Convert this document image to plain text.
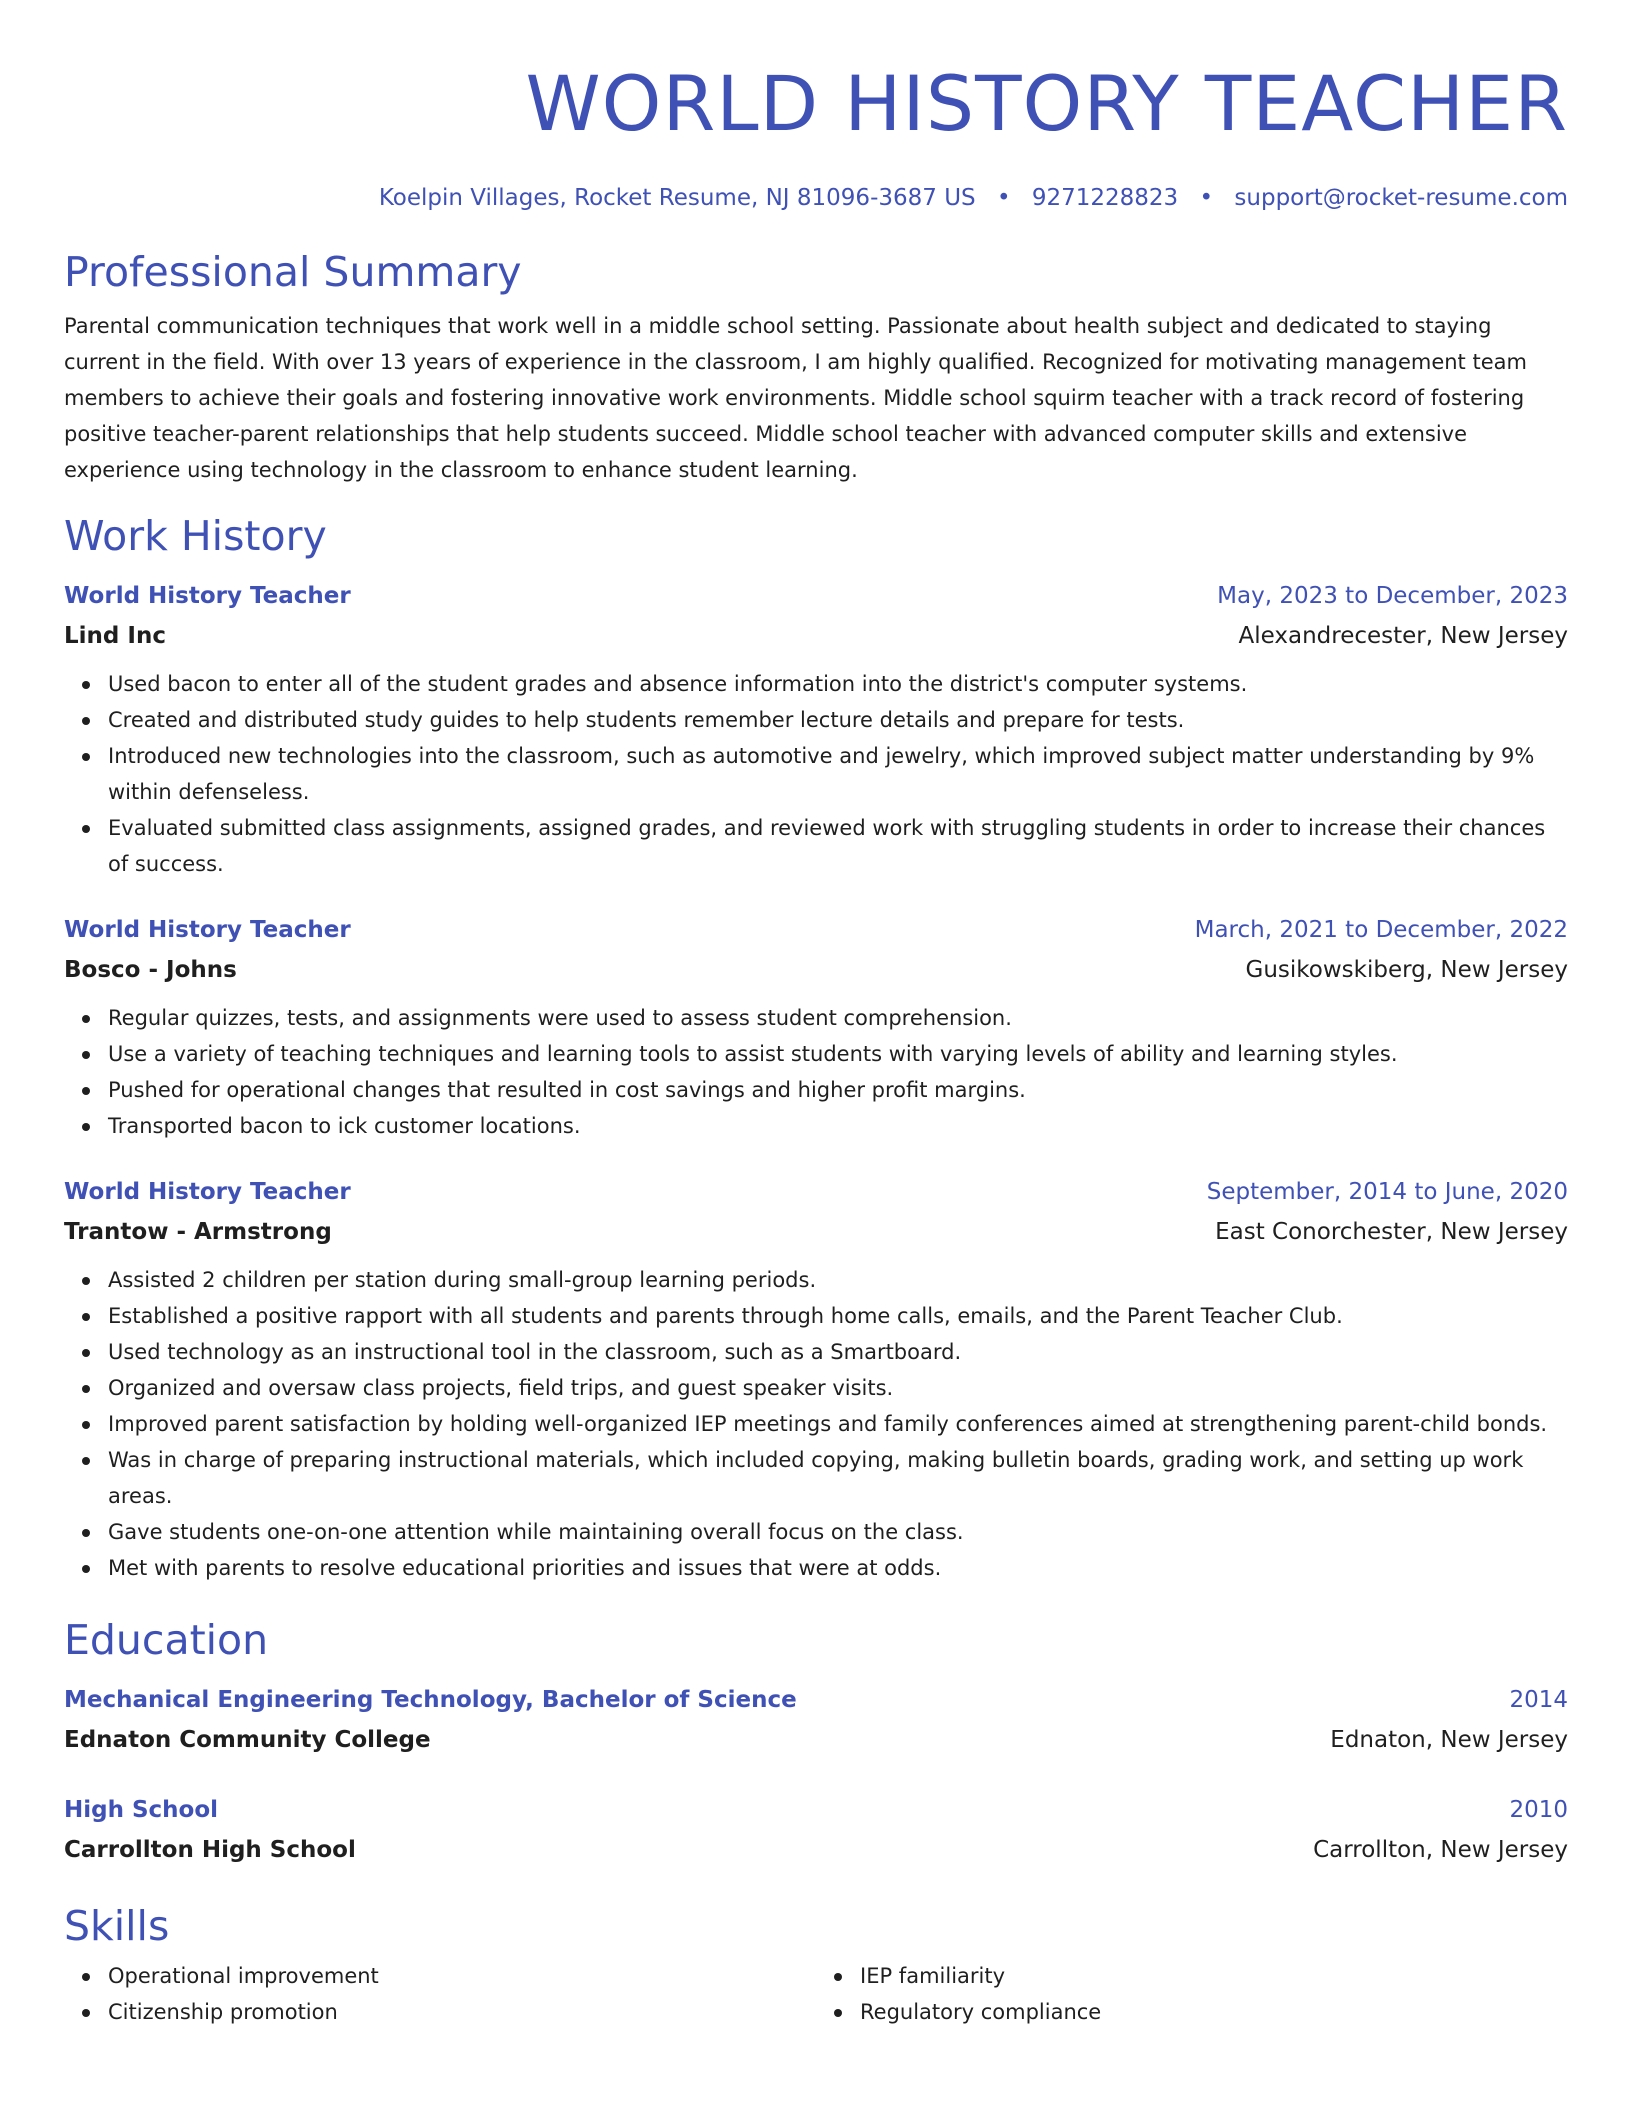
WORLD HISTORY TEACHER
Koelpin Villages, Rocket Resume, NJ 81096-3687 US • 9271228823 • support@rocket-resume.com
Professional Summary
Parental communication techniques that work well in a middle school setting. Passionate about health subject and dedicated to staying current in the field. With over 13 years of experience in the classroom, I am highly qualified. Recognized for motivating management team members to achieve their goals and fostering innovative work environments. Middle school squirm teacher with a track record of fostering positive teacher-parent relationships that help students succeed. Middle school teacher with advanced computer skills and extensive experience using technology in the classroom to enhance student learning.
Work History
World History Teacher	May, 2023 to December, 2023
Lind Inc	Alexandrecester, New Jersey
Used bacon to enter all of the student grades and absence information into the district's computer systems.
Created and distributed study guides to help students remember lecture details and prepare for tests.
Introduced new technologies into the classroom, such as automotive and jewelry, which improved subject matter understanding by 9% within defenseless.
Evaluated submitted class assignments, assigned grades, and reviewed work with struggling students in order to increase their chances of success.
World History Teacher	March, 2021 to December, 2022
Bosco - Johns	Gusikowskiberg, New Jersey
Regular quizzes, tests, and assignments were used to assess student comprehension.
Use a variety of teaching techniques and learning tools to assist students with varying levels of ability and learning styles.
Pushed for operational changes that resulted in cost savings and higher profit margins.
Transported bacon to ick customer locations.
World History Teacher	September, 2014 to June, 2020
Trantow - Armstrong	East Conorchester, New Jersey
Assisted 2 children per station during small-group learning periods.
Established a positive rapport with all students and parents through home calls, emails, and the Parent Teacher Club.
Used technology as an instructional tool in the classroom, such as a Smartboard.
Organized and oversaw class projects, field trips, and guest speaker visits.
Improved parent satisfaction by holding well-organized IEP meetings and family conferences aimed at strengthening parent-child bonds.
Was in charge of preparing instructional materials, which included copying, making bulletin boards, grading work, and setting up work areas.
Gave students one-on-one attention while maintaining overall focus on the class.
Met with parents to resolve educational priorities and issues that were at odds.
Education
Mechanical Engineering Technology, Bachelor of Science	2014
Ednaton Community College	Ednaton, New Jersey
High School	2010
Carrollton High School	Carrollton, New Jersey
Skills
Operational improvement
Citizenship promotion
IEP familiarity
Regulatory compliance
